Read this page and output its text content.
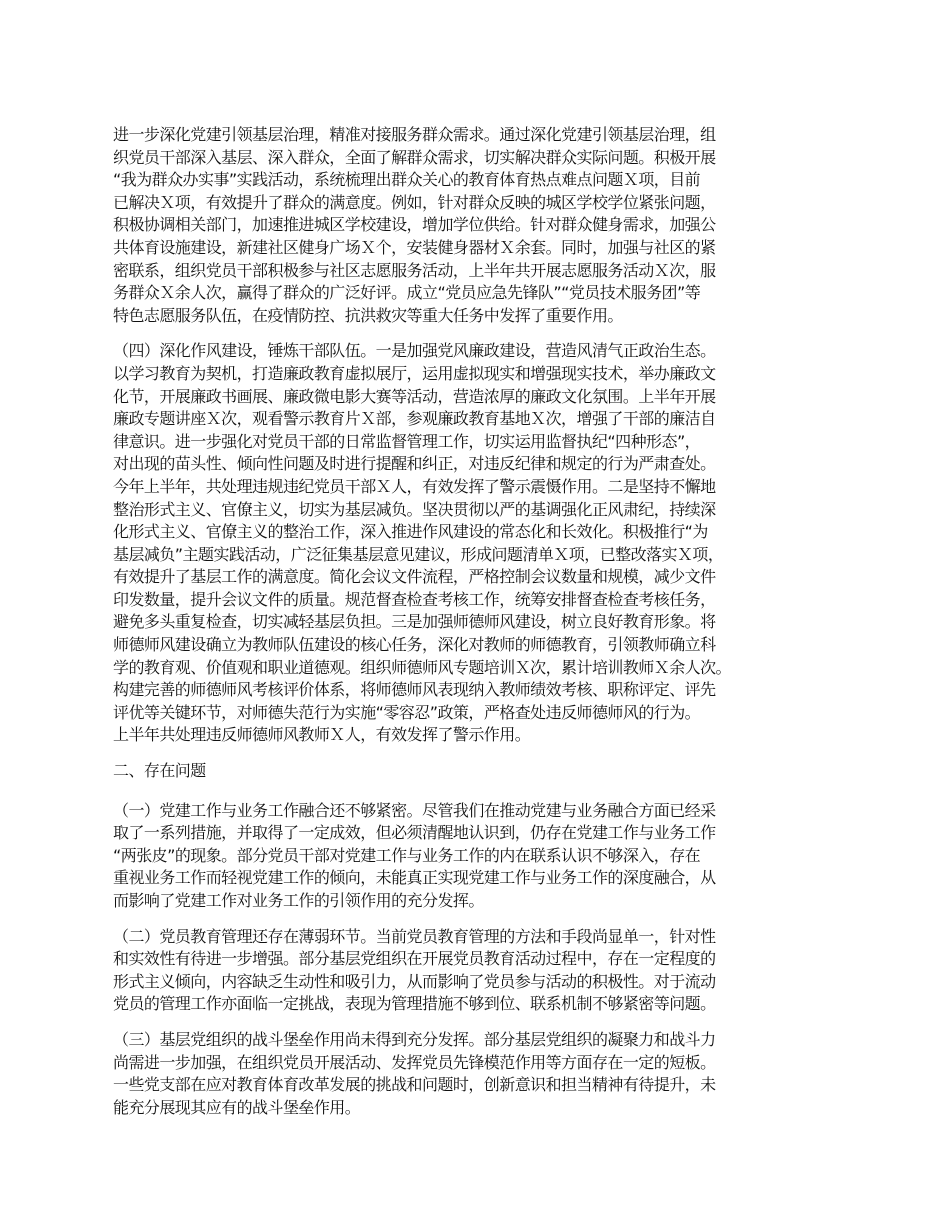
进一步深化党建引领基层治理，精准对接服务群众需求。通过深化党建引领基层治理，组
织党员干部深入基层、深入群众，全面了解群众需求，切实解决群众实际问题。积极开展
“我为群众办实事”实践活动，系统梳理出群众关心的教育体育热点难点问题Ｘ项，目前
已解决Ｘ项，有效提升了群众的满意度。例如，针对群众反映的城区学校学位紧张问题，
积极协调相关部门，加速推进城区学校建设，增加学位供给。针对群众健身需求，加强公
共体育设施建设，新建社区健身广场Ｘ个，安装健身器材Ｘ余套。同时，加强与社区的紧
密联系，组织党员干部积极参与社区志愿服务活动，上半年共开展志愿服务活动Ｘ次，服
务群众Ｘ余人次，赢得了群众的广泛好评。成立“党员应急先锋队”“党员技术服务团”等
特色志愿服务队伍，在疫情防控、抗洪救灾等重大任务中发挥了重要作用。

（四）深化作风建设，锤炼干部队伍。一是加强党风廉政建设，营造风清气正政治生态。
以学习教育为契机，打造廉政教育虚拟展厅，运用虚拟现实和增强现实技术，举办廉政文
化节，开展廉政书画展、廉政微电影大赛等活动，营造浓厚的廉政文化氛围。上半年开展
廉政专题讲座Ｘ次，观看警示教育片Ｘ部，参观廉政教育基地Ｘ次，增强了干部的廉洁自
律意识。进一步强化对党员干部的日常监督管理工作，切实运用监督执纪“四种形态”，
对出现的苗头性、倾向性问题及时进行提醒和纠正，对违反纪律和规定的行为严肃查处。
今年上半年，共处理违规违纪党员干部Ｘ人，有效发挥了警示震慑作用。二是坚持不懈地
整治形式主义、官僚主义，切实为基层减负。坚决贯彻以严的基调强化正风肃纪，持续深
化形式主义、官僚主义的整治工作，深入推进作风建设的常态化和长效化。积极推行“为
基层减负”主题实践活动，广泛征集基层意见建议，形成问题清单Ｘ项，已整改落实Ｘ项，
有效提升了基层工作的满意度。简化会议文件流程，严格控制会议数量和规模，减少文件
印发数量，提升会议文件的质量。规范督查检查考核工作，统筹安排督查检查考核任务，
避免多头重复检查，切实减轻基层负担。三是加强师德师风建设，树立良好教育形象。将
师德师风建设确立为教师队伍建设的核心任务，深化对教师的师德教育，引领教师确立科
学的教育观、价值观和职业道德观。组织师德师风专题培训Ｘ次，累计培训教师Ｘ余人次。
构建完善的师德师风考核评价体系，将师德师风表现纳入教师绩效考核、职称评定、评先
评优等关键环节，对师德失范行为实施“零容忍”政策，严格查处违反师德师风的行为。
上半年共处理违反师德师风教师Ｘ人，有效发挥了警示作用。

二、存在问题

（一）党建工作与业务工作融合还不够紧密。尽管我们在推动党建与业务融合方面已经采
取了一系列措施，并取得了一定成效，但必须清醒地认识到，仍存在党建工作与业务工作
“两张皮”的现象。部分党员干部对党建工作与业务工作的内在联系认识不够深入，存在
重视业务工作而轻视党建工作的倾向，未能真正实现党建工作与业务工作的深度融合，从
而影响了党建工作对业务工作的引领作用的充分发挥。

（二）党员教育管理还存在薄弱环节。当前党员教育管理的方法和手段尚显单一，针对性
和实效性有待进一步增强。部分基层党组织在开展党员教育活动过程中，存在一定程度的
形式主义倾向，内容缺乏生动性和吸引力，从而影响了党员参与活动的积极性。对于流动
党员的管理工作亦面临一定挑战，表现为管理措施不够到位、联系机制不够紧密等问题。

（三）基层党组织的战斗堡垒作用尚未得到充分发挥。部分基层党组织的凝聚力和战斗力
尚需进一步加强，在组织党员开展活动、发挥党员先锋模范作用等方面存在一定的短板。
一些党支部在应对教育体育改革发展的挑战和问题时，创新意识和担当精神有待提升，未
能充分展现其应有的战斗堡垒作用。
